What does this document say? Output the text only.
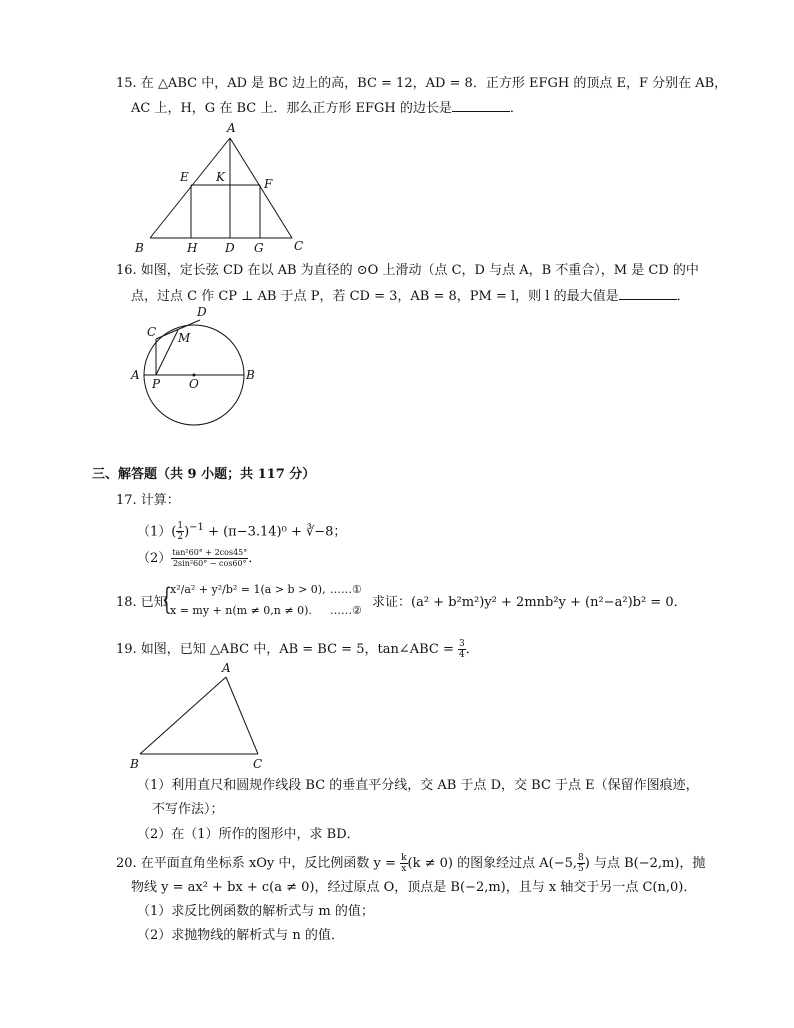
15. 在 △ABC 中，AD 是 BC 边上的高，BC = 12，AD = 8．正方形 EFGH 的顶点 E，F 分别在 AB，
AC 上，H，G 在 BC 上．那么正方形 EFGH 的边长是	．
A
E K	F
B	H D G	C
16. 如图，定长弦 CD 在以 AB 为直径的 ⊙O 上滑动（点 C，D 与点 A，B 不重合），M 是 CD 的中
点，过点 C 作 CP ⊥ AB 于点 P，若 CD = 3，AB = 8，PM = l，则 l 的最大值是	．
C
D
M
A
P O
B
三、解答题（共 9 小题；共 117 分）
17. 计算：
$(1)( \frac{1}{2} )^{-1} + (\pi-3.14)^0$ + ∛−8；
$(2) \frac{\text{tan²60° + 2cos45°}}{\text{2sin²60° − cos60°}}$ ．
18. 已知
{
x²/a² + y²/b² = 1(a > b > 0),
x = my + n(m ≠ 0,n ≠ 0).
……①
……②
求证：(a² + b²m²)y² + 2mnb²y + (n²−a²)b² = 0．
19. 如图，已知 △ABC 中，AB = BC = 5，tan∠ABC = $\frac{3}{4}$ ．
A
B	C
（1）利用直尺和圆规作线段 BC 的垂直平分线，交 AB 于点 D，交 BC 于点 E（保留作图痕迹，
不写作法）；
（2）在（1）所作的图形中，求 BD．
20. 在平面直角坐标系 xOy 中，反比例函数 $y = \frac{k}{x} (k \ne 0)$ 的图象经过点 A(−5, $\frac{8}{5}$ ) 与点 B(−2,m)，抛
物线 y = ax² + bx + c(a ≠ 0)，经过原点 O，顶点是 B(−2,m)，且与 x 轴交于另一点 C(n,0)．
（1）求反比例函数的解析式与 m 的值；
（2）求抛物线的解析式与 n 的值．
